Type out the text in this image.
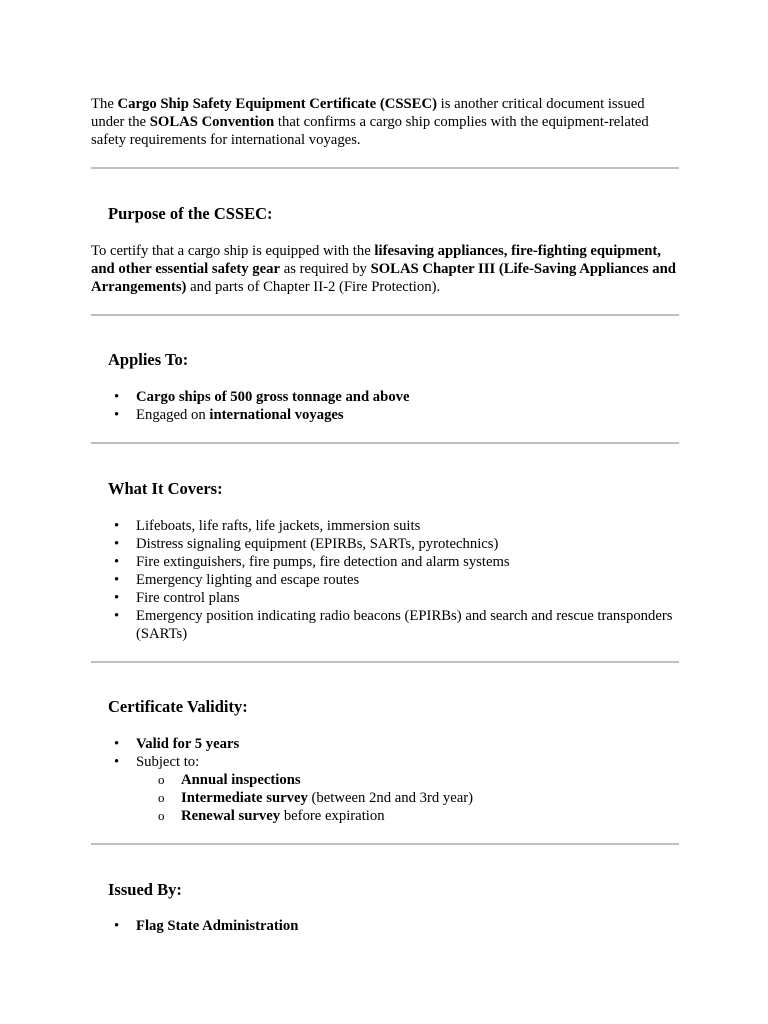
The Cargo Ship Safety Equipment Certificate (CSSEC) is another critical document issued under the SOLAS Convention that confirms a cargo ship complies with the equipment-related safety requirements for international voyages.

Purpose of the CSSEC:

To certify that a cargo ship is equipped with the lifesaving appliances, fire-fighting equipment, and other essential safety gear as required by SOLAS Chapter III (Life-Saving Appliances and Arrangements) and parts of Chapter II-2 (Fire Protection).

Applies To:
• Cargo ships of 500 gross tonnage and above
• Engaged on international voyages
What It Covers:
• Lifeboats, life rafts, life jackets, immersion suits
• Distress signaling equipment (EPIRBs, SARTs, pyrotechnics)
• Fire extinguishers, fire pumps, fire detection and alarm systems
• Emergency lighting and escape routes
• Fire control plans
• Emergency position indicating radio beacons (EPIRBs) and search and rescue transponders (SARTs)
Certificate Validity:
• Valid for 5 years
• Subject to:
o Annual inspections
o Intermediate survey (between 2nd and 3rd year)
o Renewal survey before expiration
Issued By:
• Flag State Administration
